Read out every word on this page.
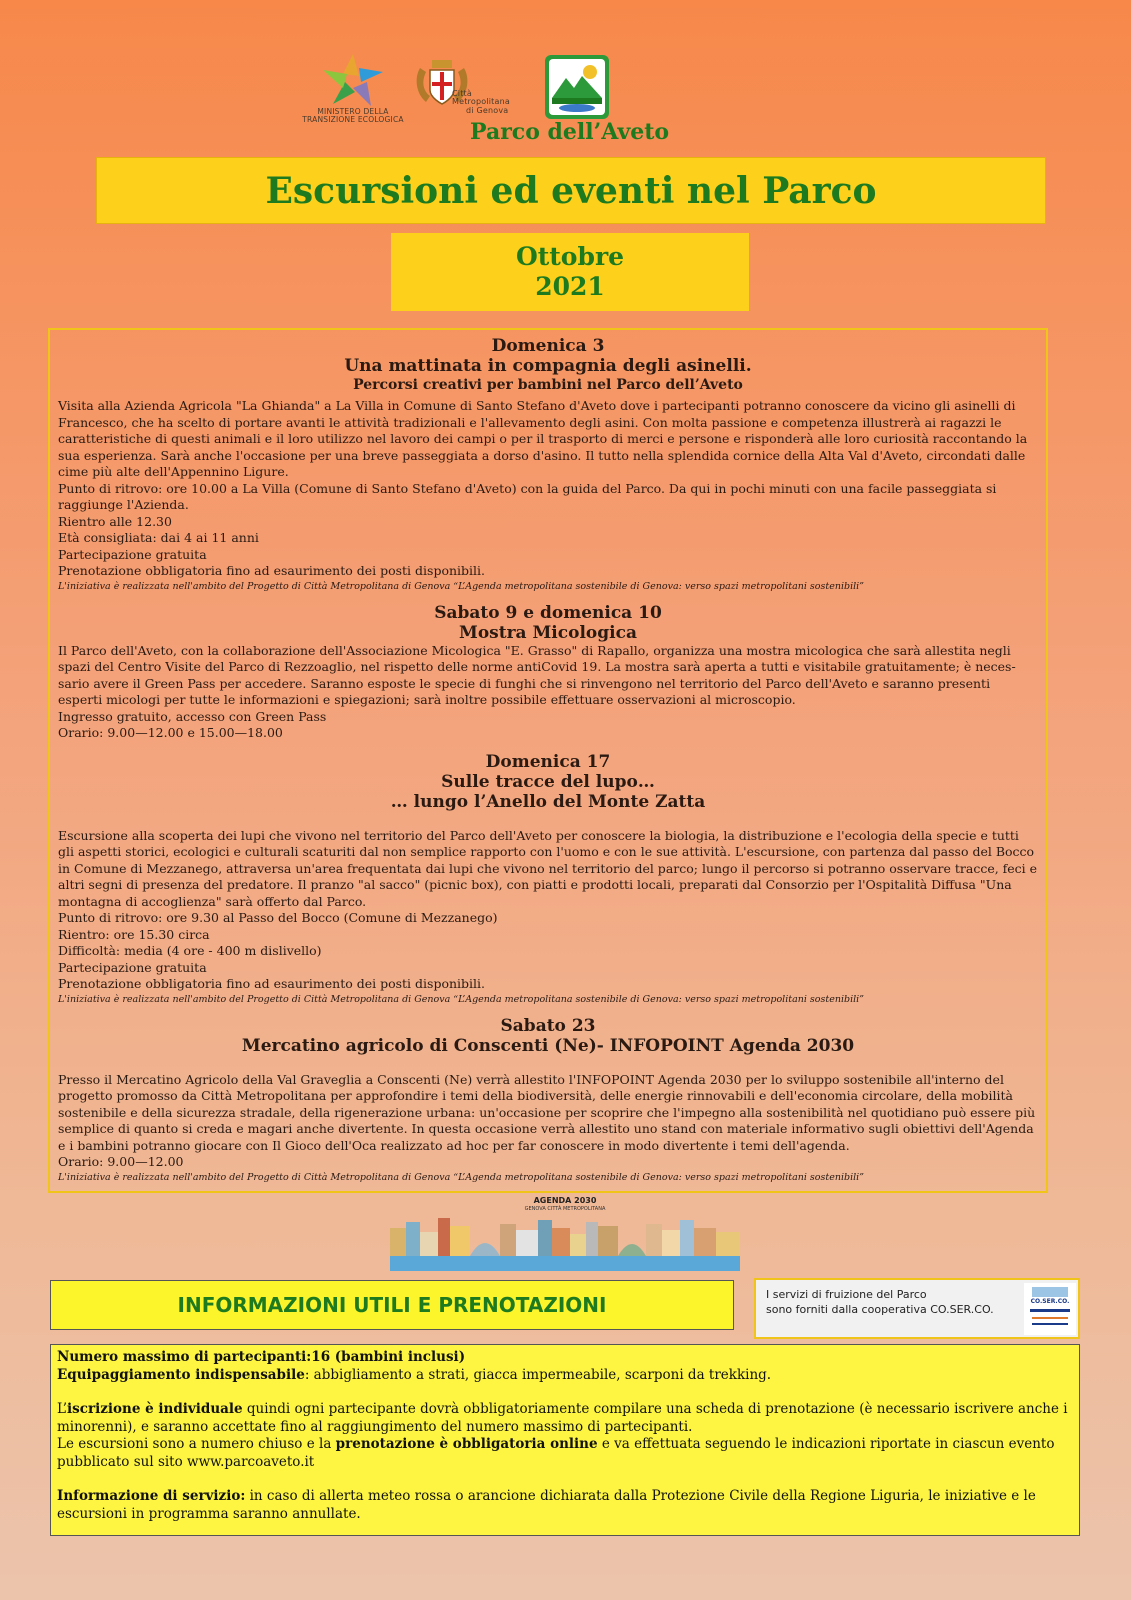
MINISTERO DELLA
TRANSIZIONE ECOLOGICA
Città Metropolitana
di Genova
Parco dell’Aveto
Escursioni ed eventi nel Parco
Ottobre
2021
Domenica 3
Una mattinata in compagnia degli asinelli.
Percorsi creativi per bambini nel Parco dell’Aveto

Visita alla Azienda Agricola "La Ghianda" a La Villa in Comune di Santo Stefano d'Aveto dove i partecipanti potranno conoscere da vicino gli asinelli di Francesco, che ha scelto di portare avanti le attività tradizionali e l'allevamento degli asini. Con molta passione e competenza illustrerà ai ragazzi le caratteristiche di questi animali e il loro utilizzo nel lavoro dei campi o per il trasporto di merci e persone e risponderà alle loro curiosità raccontando la sua esperienza. Sarà anche l'occasione per una breve passeggiata a dorso d'asino. Il tutto nella splendida cornice della Alta Val d'Aveto, circondati dalle cime più alte dell'Appennino Ligure.

Punto di ritrovo: ore 10.00 a La Villa (Comune di Santo Stefano d'Aveto) con la guida del Parco. Da qui in pochi minuti con una facile passeggiata si raggiunge l'Azienda.

Rientro alle 12.30

Età consigliata: dai 4 ai 11 anni

Partecipazione gratuita

Prenotazione obbligatoria fino ad esaurimento dei posti disponibili.

L'iniziativa è realizzata nell'ambito del Progetto di Città Metropolitana di Genova “L’Agenda metropolitana sostenibile di Genova: verso spazi metropolitani sostenibili”

Sabato 9 e domenica 10
Mostra Micologica

Il Parco dell'Aveto, con la collaborazione dell'Associazione Micologica "E. Grasso" di Rapallo, organizza una mostra micologica che sarà allestita negli spazi del Centro Visite del Parco di Rezzoaglio, nel rispetto delle norme antiCovid 19. La mostra sarà aperta a tutti e visitabile gratuitamente; è neces-sario avere il Green Pass per accedere. Saranno esposte le specie di funghi che si rinvengono nel territorio del Parco dell'Aveto e saranno presenti esperti micologi per tutte le informazioni e spiegazioni; sarà inoltre possibile effettuare osservazioni al microscopio.

Ingresso gratuito, accesso con Green Pass

Orario: 9.00—12.00 e 15.00—18.00

Domenica 17
Sulle tracce del lupo…
… lungo l’Anello del Monte Zatta

Escursione alla scoperta dei lupi che vivono nel territorio del Parco dell'Aveto per conoscere la biologia, la distribuzione e l'ecologia della specie e tutti gli aspetti storici, ecologici e culturali scaturiti dal non semplice rapporto con l'uomo e con le sue attività. L'escursione, con partenza dal passo del Bocco in Comune di Mezzanego, attraversa un'area frequentata dai lupi che vivono nel territorio del parco; lungo il percorso si potranno osservare tracce, feci e altri segni di presenza del predatore. Il pranzo "al sacco" (picnic box), con piatti e prodotti locali, preparati dal Consorzio per l'Ospitalità Diffusa "Una montagna di accoglienza" sarà offerto dal Parco.

Punto di ritrovo: ore 9.30 al Passo del Bocco (Comune di Mezzanego)

Rientro: ore 15.30 circa

Difficoltà: media (4 ore - 400 m dislivello)

Partecipazione gratuita

Prenotazione obbligatoria fino ad esaurimento dei posti disponibili.

L'iniziativa è realizzata nell'ambito del Progetto di Città Metropolitana di Genova “L’Agenda metropolitana sostenibile di Genova: verso spazi metropolitani sostenibili”

Sabato 23
Mercatino agricolo di Conscenti (Ne)- INFOPOINT Agenda 2030

Presso il Mercatino Agricolo della Val Graveglia a Conscenti (Ne) verrà allestito l'INFOPOINT Agenda 2030 per lo sviluppo sostenibile all'interno del progetto promosso da Città Metropolitana per approfondire i temi della biodiversità, delle energie rinnovabili e dell'economia circolare, della mobilità sostenibile e della sicurezza stradale, della rigenerazione urbana: un'occasione per scoprire che l'impegno alla sostenibilità nel quotidiano può essere più semplice di quanto si creda e magari anche divertente. In questa occasione verrà allestito uno stand con materiale informativo sugli obiettivi dell'Agenda e i bambini potranno giocare con Il Gioco dell'Oca realizzato ad hoc per far conoscere in modo divertente i temi dell'agenda.

Orario: 9.00—12.00

L'iniziativa è realizzata nell'ambito del Progetto di Città Metropolitana di Genova “L’Agenda metropolitana sostenibile di Genova: verso spazi metropolitani sostenibili”

AGENDA 2030
GENOVA CITTÀ METROPOLITANA
INFORMAZIONI UTILI E PRENOTAZIONI	I servizi di fruizione del Parco
sono forniti dalla cooperativa CO.SER.CO.
CO.SER.CO.

Numero massimo di partecipanti:16 (bambini inclusi)

Equipaggiamento indispensabile: abbigliamento a strati, giacca impermeabile, scarponi da trekking.

L’iscrizione è individuale quindi ogni partecipante dovrà obbligatoriamente compilare una scheda di prenotazione (è necessario iscrivere anche i minorenni), e saranno accettate fino al raggiungimento del numero massimo di partecipanti.

Le escursioni sono a numero chiuso e la prenotazione è obbligatoria online e va effettuata seguendo le indicazioni riportate in ciascun evento pubblicato sul sito www.parcoaveto.it

Informazione di servizio: in caso di allerta meteo rossa o arancione dichiarata dalla Protezione Civile della Regione Liguria, le iniziative e le escursioni in programma saranno annullate.
